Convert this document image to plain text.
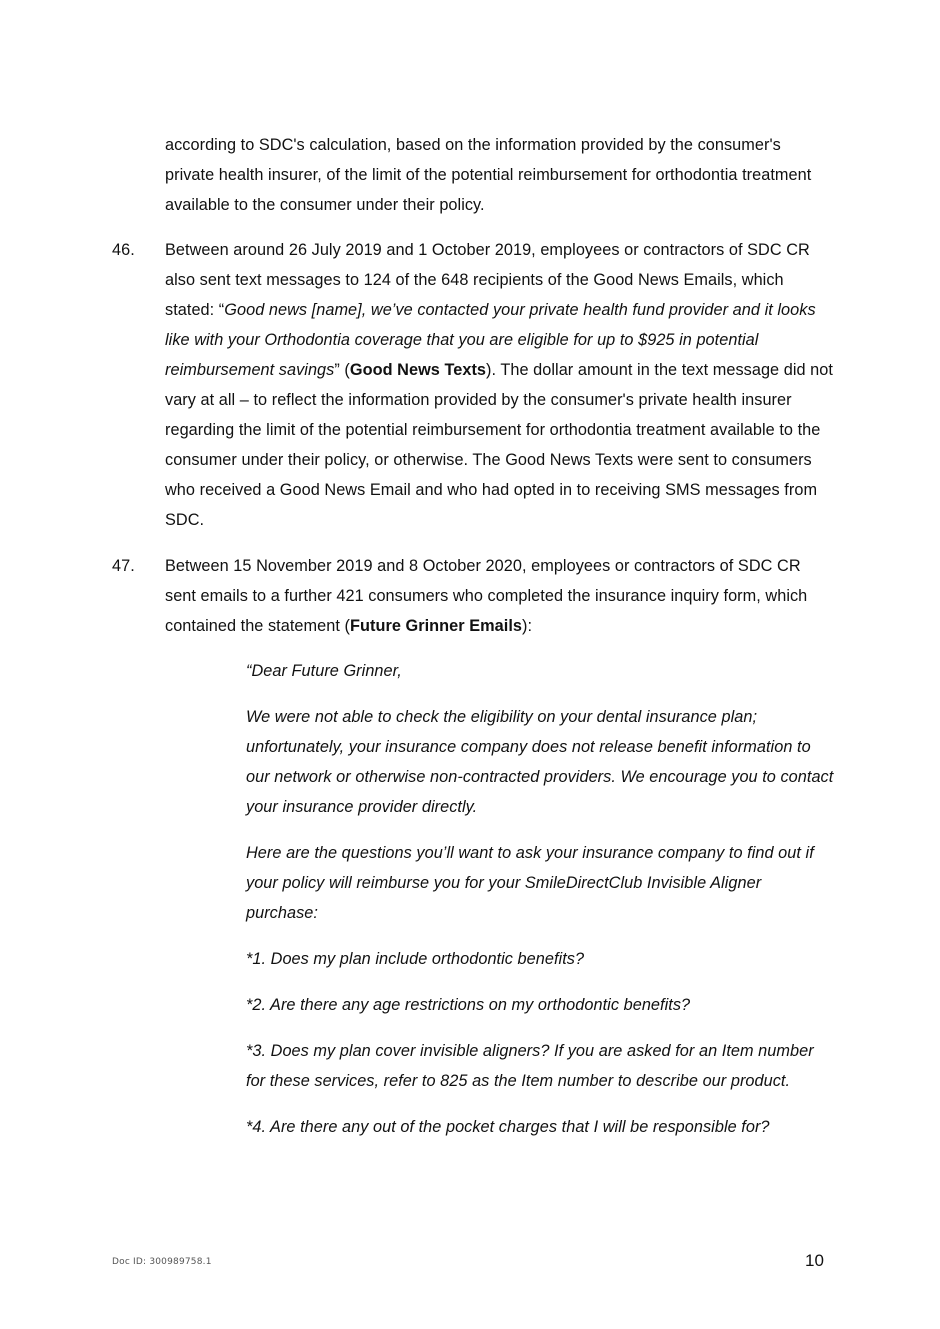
according to SDC's calculation, based on the information provided by the consumer's private health insurer, of the limit of the potential reimbursement for orthodontia treatment available to the consumer under their policy.
46.	Between around 26 July 2019 and 1 October 2019, employees or contractors of SDC CR also sent text messages to 124 of the 648 recipients of the Good News Emails, which stated: “Good news [name], we’ve contacted your private health fund provider and it looks like with your Orthodontia coverage that you are eligible for up to $925 in potential reimbursement savings” (Good News Texts). The dollar amount in the text message did not vary at all – to reflect the information provided by the consumer's private health insurer regarding the limit of the potential reimbursement for orthodontia treatment available to the consumer under their policy, or otherwise. The Good News Texts were sent to consumers who received a Good News Email and who had opted in to receiving SMS messages from SDC.
47.	Between 15 November 2019 and 8 October 2020, employees or contractors of SDC CR sent emails to a further 421 consumers who completed the insurance inquiry form, which contained the statement (Future Grinner Emails):

“Dear Future Grinner,

We were not able to check the eligibility on your dental insurance plan; unfortunately, your insurance company does not release benefit information to our network or otherwise non-contracted providers. We encourage you to contact your insurance provider directly.

Here are the questions you’ll want to ask your insurance company to find out if your policy will reimburse you for your SmileDirectClub Invisible Aligner purchase:

*1. Does my plan include orthodontic benefits?

*2. Are there any age restrictions on my orthodontic benefits?

*3. Does my plan cover invisible aligners? If you are asked for an Item number for these services, refer to 825 as the Item number to describe our product.

*4. Are there any out of the pocket charges that I will be responsible for?

Doc ID: 300989758.1	10
